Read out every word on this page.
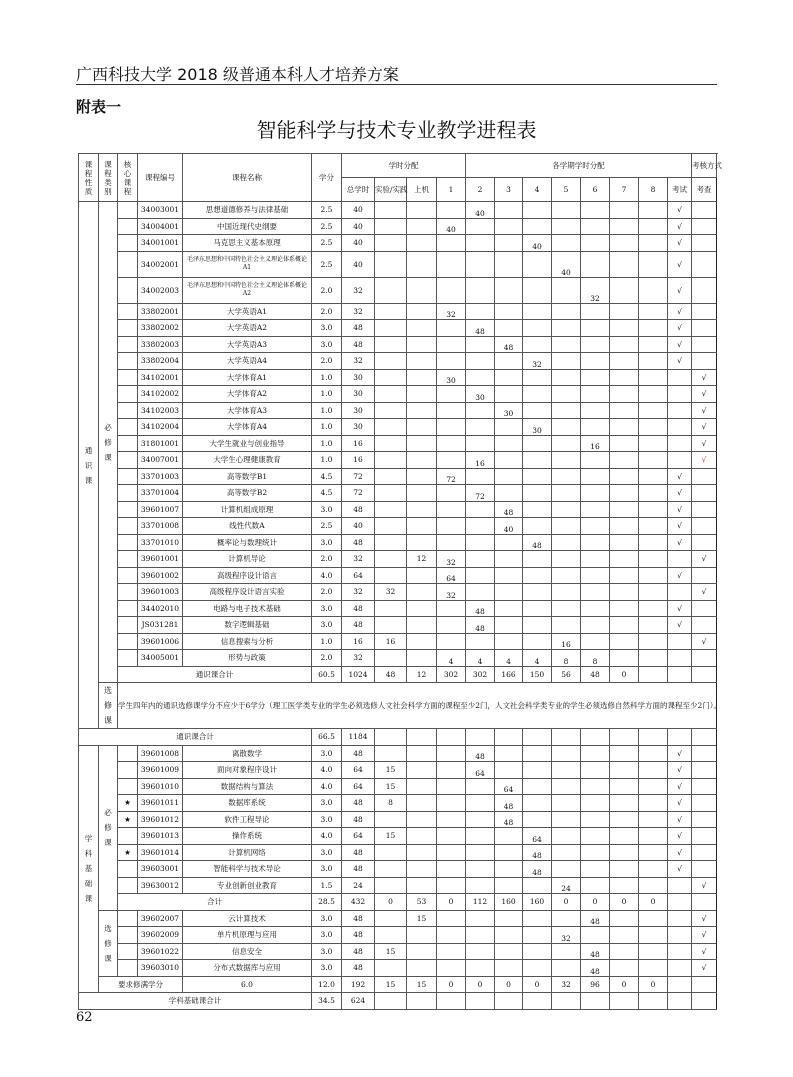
广西科技大学 2018 级普通本科人才培养方案
附表一
智能科学与技术专业教学进程表
课程性质	课程类别	核心课程	课程编号	课程名称	学分	学时分配				各学期学时分配								考核方式
						总学时	实验/实践	上机	1	2	3	4	5	6	7	8	考试	考查

通识课	必修课		34003001	思想道德修养与法律基础	2.5	40				40							√	
			34004001	中国近现代史纲要	2.5	40			40								√	
			34001001	马克思主义基本原理	2.5	40						40					√	
			34002001	毛泽东思想和中国特色社会主义理论体系概论A1	2.5	40							40				√	
			34002003	毛泽东思想和中国特色社会主义理论体系概论A2	2.0	32								32			√	
			33802001	大学英语A1	2.0	32			32								√	
			33802002	大学英语A2	3.0	48				48							√	
			33802003	大学英语A3	3.0	48					48						√	
			33802004	大学英语A4	2.0	32						32					√	
			34102001	大学体育A1	1.0	30			30									√
			34102002	大学体育A2	1.0	30				30								√
			34102003	大学体育A3	1.0	30					30							√
			34102004	大学体育A4	1.0	30						30						√
			31801001	大学生就业与创业指导	1.0	16								16				√
			34007001	大学生心理健康教育	1.0	16				16								√
			33701003	高等数学B1	4.5	72			72								√	
			33701004	高等数学B2	4.5	72				72							√	
			39601007	计算机组成原理	3.0	48					48						√	
			33701008	线性代数A	2.5	40					40						√	
			33701010	概率论与数理统计	3.0	48						48					√	
			39601001	计算机导论	2.0	32		12	32									√
			39601002	高级程序设计语言	4.0	64			64								√	
			39601003	高级程序设计语言实验	2.0	32	32		32									√
			34402010	电路与电子技术基础	3.0	48				48							√	
			JS031281	数字逻辑基础	3.0	48				48							√	
			39601006	信息搜索与分析	1.0	16	16						16					√
			34005001	形势与政策	2.0	32			4	4	4	4	8	8				
		通识课合计			60.5	1024	48	12	302	302	166	150	56	48	0			

	选修课	学生四年内的通识选修课学分不应少于6学分（理工医学类专业的学生必须选修人文社会科学方面的课程至少2门，人文社会科学类专业的学生必须选修自然科学方面的课程至少2门）。																
通识课合计					66.5	1184												

学科基础课	必修课		39601008	离散数学	3.0	48				48							√	
			39601009	面向对象程序设计	4.0	64	15			64							√	
			39601010	数据结构与算法	4.0	64	15				64						√	
		★	39601011	数据库系统	3.0	48	8				48						√	
		★	39601012	软件工程导论	3.0	48					48						√	
			39601013	操作系统	4.0	64	15					64					√	
		★	39601014	计算机网络	3.0	48						48					√	
			39603001	智能科学与技术导论	3.0	48						48					√	
			39630012	专业创新创业教育	1.5	24							24					√
		合计			28.5	432	0	53	0	112	160	160	0	0	0	0		

	选修课		39602007	云计算技术	3.0	48		15						48				√
			39602009	单片机原理与应用	3.0	48							32					√
			39601022	信息安全	3.0	48	15							48				√
			39603010	分布式数据库与应用	3.0	48								48				√
	要求修满学分			6.0	12.0	192	15	15	0	0	0	0	32	96	0	0		
学科基础课合计					34.5	624												
62
